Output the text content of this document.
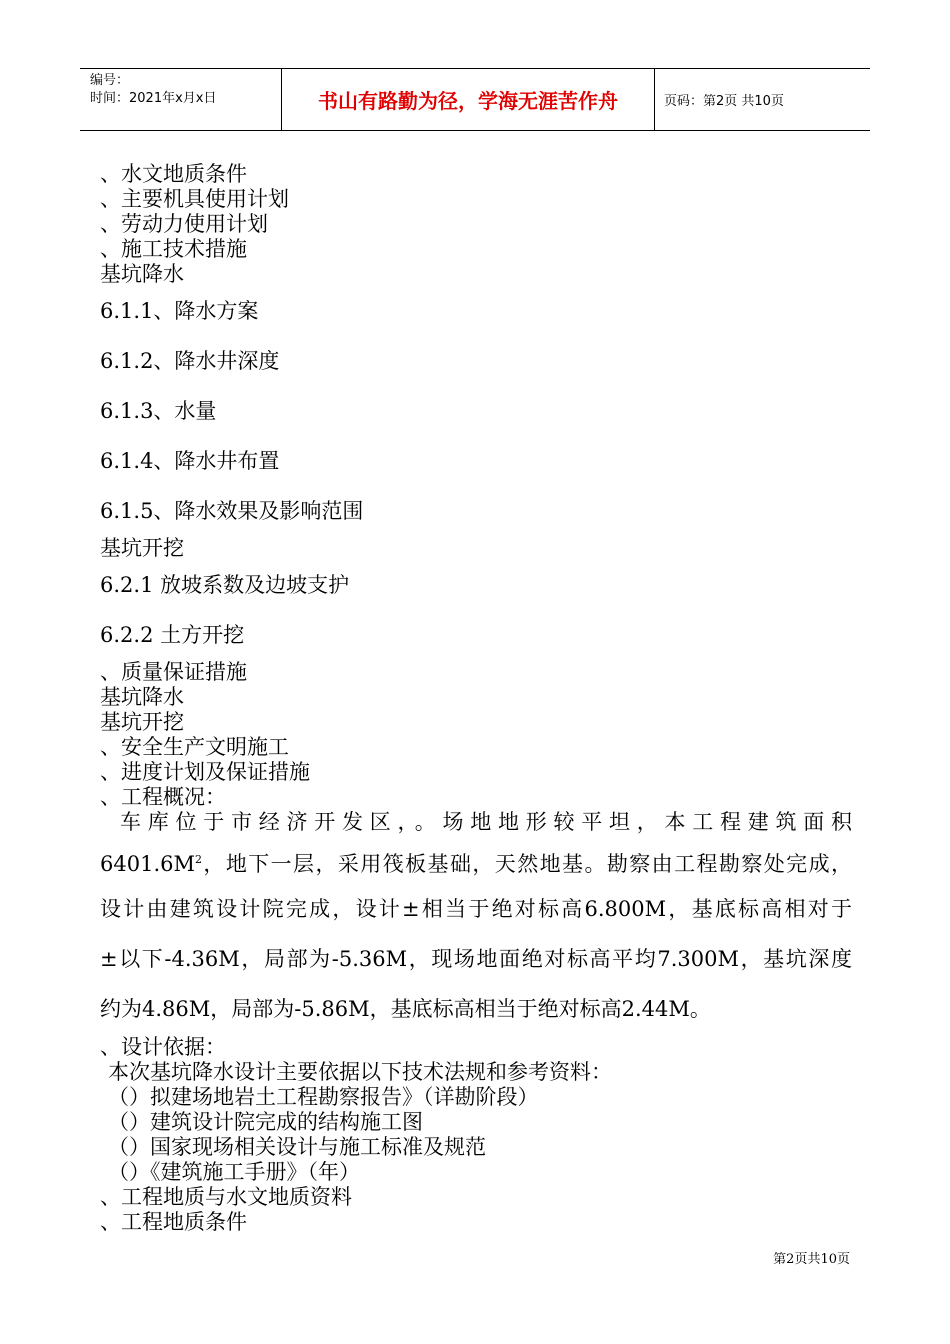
编号：
时间：2021年x月x日	书山有路勤为径，学海无涯苦作舟	页码：第2页 共10页
、水文地质条件
、主要机具使用计划
、劳动力使用计划
、施工技术措施
基坑降水
6.1.1、降水方案
6.1.2、降水井深度
6.1.3、水量
6.1.4、降水井布置
6.1.5、降水效果及影响范围
基坑开挖
6.2.1 放坡系数及边坡支护
6.2.2 土方开挖
、质量保证措施
基坑降水
基坑开挖
、安全生产文明施工
、进度计划及保证措施
、工程概况：
车库位于市经济开发区，。场地地形较平坦，本工程建筑面积
$6401.6M^2$，地下一层，采用筏板基础，天然地基。勘察由工程勘察处完成，
设计由建筑设计院完成，设计±相当于绝对标高6.800M，基底标高相对于
±以下-4.36M，局部为-5.36M，现场地面绝对标高平均7.300M，基坑深度
约为4.86M，局部为-5.86M，基底标高相当于绝对标高2.44M。
、设计依据：
本次基坑降水设计主要依据以下技术法规和参考资料：
（）拟建场地岩土工程勘察报告》（详勘阶段）
（）建筑设计院完成的结构施工图
（）国家现场相关设计与施工标准及规范
（）《建筑施工手册》（年）
、工程地质与水文地质资料
、工程地质条件
第2页共10页
